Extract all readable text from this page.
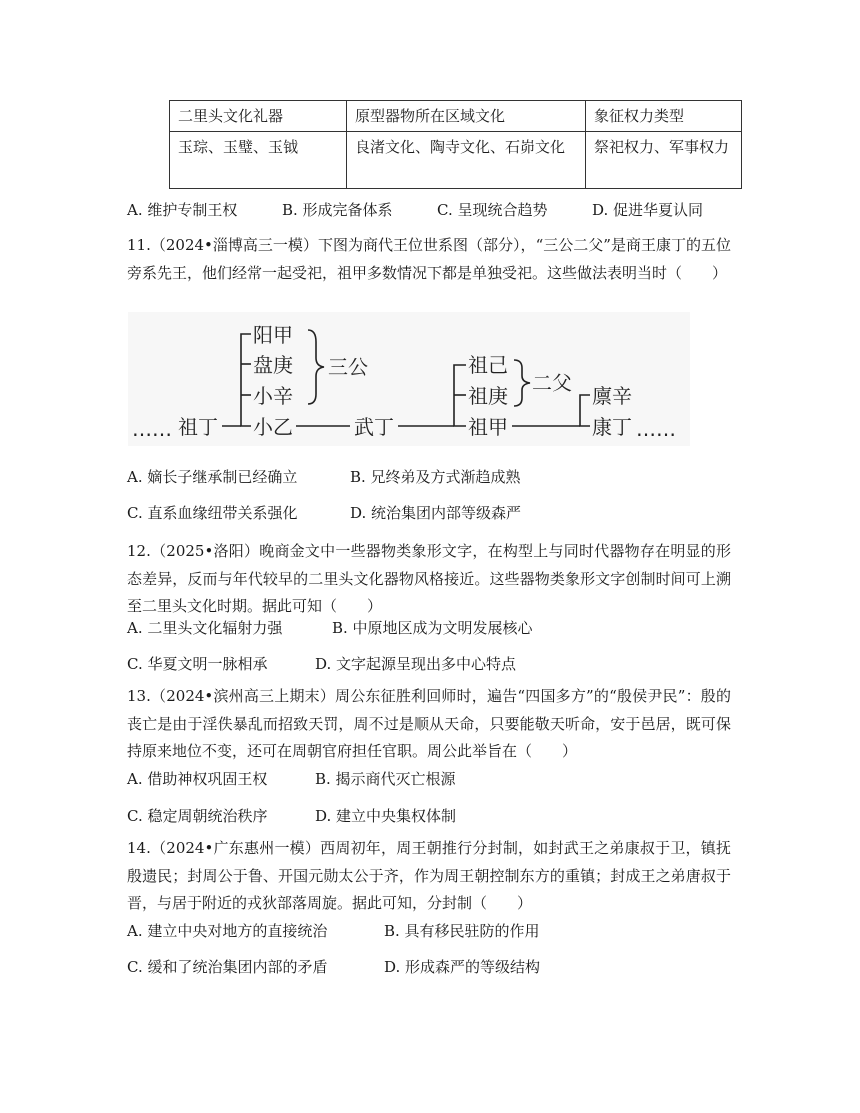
二里头文化礼器	原型器物所在区域文化	象征权力类型
玉琮、玉璧、玉钺	良渚文化、陶寺文化、石峁文化	祭祀权力、军事权力
A. 维护专制王权	B. 形成完备体系	C. 呈现统合趋势	D. 促进华夏认同
11.（2024•淄博高三一模）下图为商代王位世系图（部分），“三公二父”是商王康丁的五位旁系先王，他们经常一起受祀，祖甲多数情况下都是单独受祀。这些做法表明当时（　　）
阳甲
盘庚
小辛
小乙
三公
…… 祖丁	武丁
祖己
祖庚
祖甲
二父
廪辛
康丁 ……
A. 嫡长子继承制已经确立	B. 兄终弟及方式渐趋成熟
C. 直系血缘纽带关系强化	D. 统治集团内部等级森严
12.（2025•洛阳）晚商金文中一些器物类象形文字，在构型上与同时代器物存在明显的形态差异，反而与年代较早的二里头文化器物风格接近。这些器物类象形文字创制时间可上溯至二里头文化时期。据此可知（　　）
A. 二里头文化辐射力强	B. 中原地区成为文明发展核心
C. 华夏文明一脉相承	D. 文字起源呈现出多中心特点
13.（2024•滨州高三上期末）周公东征胜利回师时，遍告“四国多方”的“殷侯尹民”：殷的丧亡是由于淫佚暴乱而招致天罚，周不过是顺从天命，只要能敬天听命，安于邑居，既可保持原来地位不变，还可在周朝官府担任官职。周公此举旨在（　　）
A. 借助神权巩固王权	B. 揭示商代灭亡根源
C. 稳定周朝统治秩序	D. 建立中央集权体制
14.（2024•广东惠州一模）西周初年，周王朝推行分封制，如封武王之弟康叔于卫，镇抚殷遗民；封周公于鲁、开国元勋太公于齐，作为周王朝控制东方的重镇；封成王之弟唐叔于晋，与居于附近的戎狄部落周旋。据此可知，分封制（　　）
A. 建立中央对地方的直接统治	B. 具有移民驻防的作用
C. 缓和了统治集团内部的矛盾	D. 形成森严的等级结构
